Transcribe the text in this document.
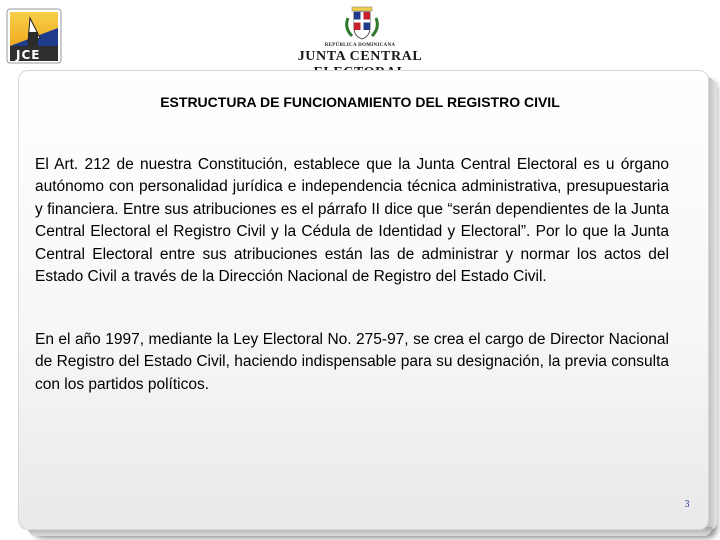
JCE
REPÚBLICA DOMINICANA
JUNTA CENTRAL
ESTRUCTURA DE FUNCIONAMIENTO DEL REGISTRO CIVIL

El Art. 212 de nuestra Constitución, establece que la Junta Central Electoral es u órgano autónomo con personalidad jurídica e independencia técnica administrativa, presupuestaria y financiera. Entre sus atribuciones es el párrafo II dice que “serán dependientes de la Junta Central Electoral el Registro Civil y la Cédula de Identidad y Electoral”. Por lo que la Junta Central Electoral entre sus atribuciones están las de administrar y normar los actos del Estado Civil a través de la Dirección Nacional de Registro del Estado Civil.

En el año 1997, mediante la Ley Electoral No. 275-97, se crea el cargo de Director Nacional de Registro del Estado Civil, haciendo indispensable para su designación, la previa consulta con los partidos políticos.

3
